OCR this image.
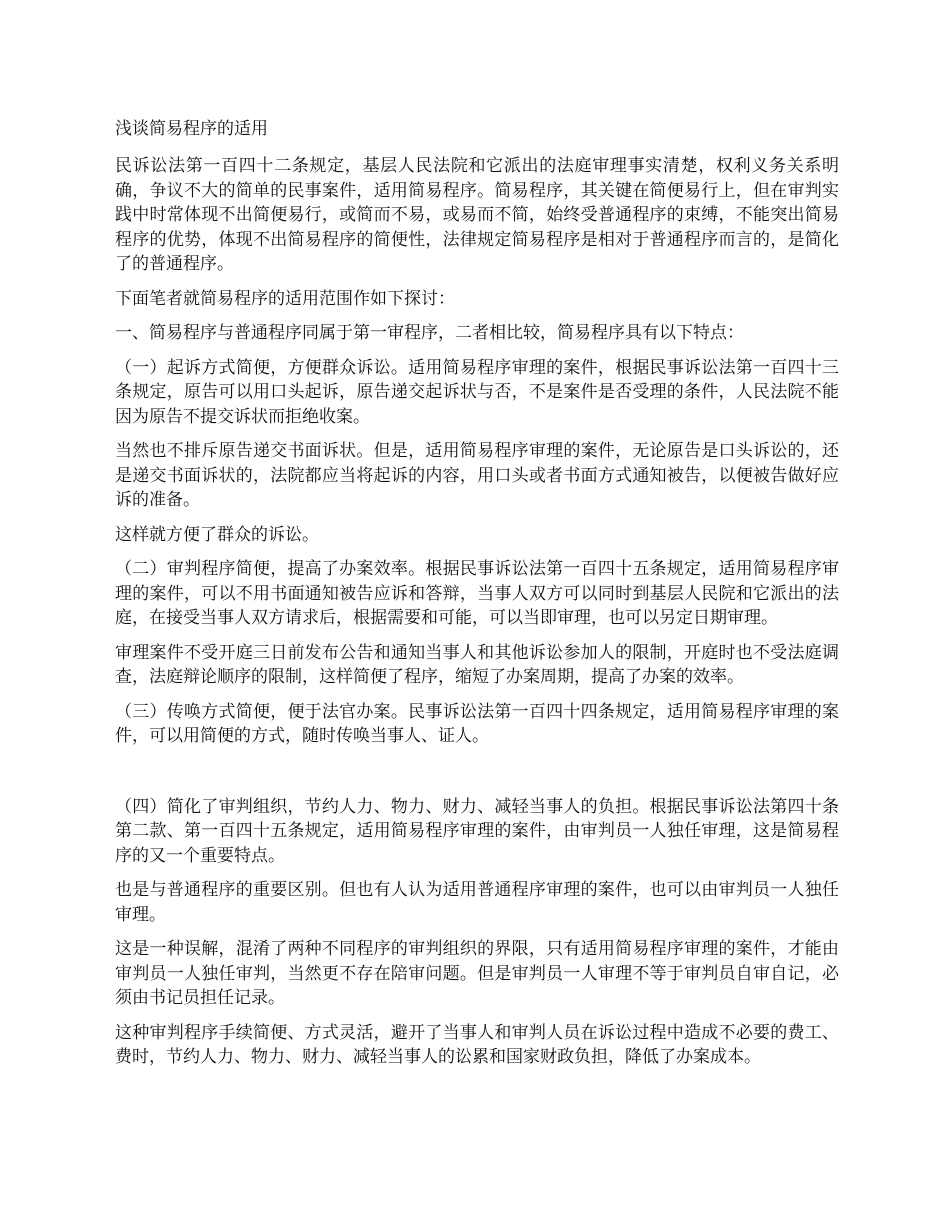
浅谈简易程序的适用

民诉讼法第一百四十二条规定，基层人民法院和它派出的法庭审理事实清楚，权利义务关系明确，争议不大的简单的民事案件，适用简易程序。简易程序，其关键在简便易行上，但在审判实践中时常体现不出简便易行，或简而不易，或易而不简，始终受普通程序的束缚，不能突出简易程序的优势，体现不出简易程序的简便性，法律规定简易程序是相对于普通程序而言的，是简化了的普通程序。

下面笔者就简易程序的适用范围作如下探讨：

一、简易程序与普通程序同属于第一审程序，二者相比较，简易程序具有以下特点：

（一）起诉方式简便，方便群众诉讼。适用简易程序审理的案件，根据民事诉讼法第一百四十三条规定，原告可以用口头起诉，原告递交起诉状与否，不是案件是否受理的条件，人民法院不能因为原告不提交诉状而拒绝收案。

当然也不排斥原告递交书面诉状。但是，适用简易程序审理的案件，无论原告是口头诉讼的，还是递交书面诉状的，法院都应当将起诉的内容，用口头或者书面方式通知被告，以便被告做好应诉的准备。

这样就方便了群众的诉讼。

（二）审判程序简便，提高了办案效率。根据民事诉讼法第一百四十五条规定，适用简易程序审理的案件，可以不用书面通知被告应诉和答辩，当事人双方可以同时到基层人民院和它派出的法庭，在接受当事人双方请求后，根据需要和可能，可以当即审理，也可以另定日期审理。

审理案件不受开庭三日前发布公告和通知当事人和其他诉讼参加人的限制，开庭时也不受法庭调查，法庭辩论顺序的限制，这样简便了程序，缩短了办案周期，提高了办案的效率。

（三）传唤方式简便，便于法官办案。民事诉讼法第一百四十四条规定，适用简易程序审理的案件，可以用简便的方式，随时传唤当事人、证人。

（四）简化了审判组织，节约人力、物力、财力、减轻当事人的负担。根据民事诉讼法第四十条第二款、第一百四十五条规定，适用简易程序审理的案件，由审判员一人独任审理，这是简易程序的又一个重要特点。

也是与普通程序的重要区别。但也有人认为适用普通程序审理的案件，也可以由审判员一人独任审理。

这是一种误解，混淆了两种不同程序的审判组织的界限，只有适用简易程序审理的案件，才能由审判员一人独任审判，当然更不存在陪审问题。但是审判员一人审理不等于审判员自审自记，必须由书记员担任记录。

这种审判程序手续简便、方式灵活，避开了当事人和审判人员在诉讼过程中造成不必要的费工、费时，节约人力、物力、财力、减轻当事人的讼累和国家财政负担，降低了办案成本。
